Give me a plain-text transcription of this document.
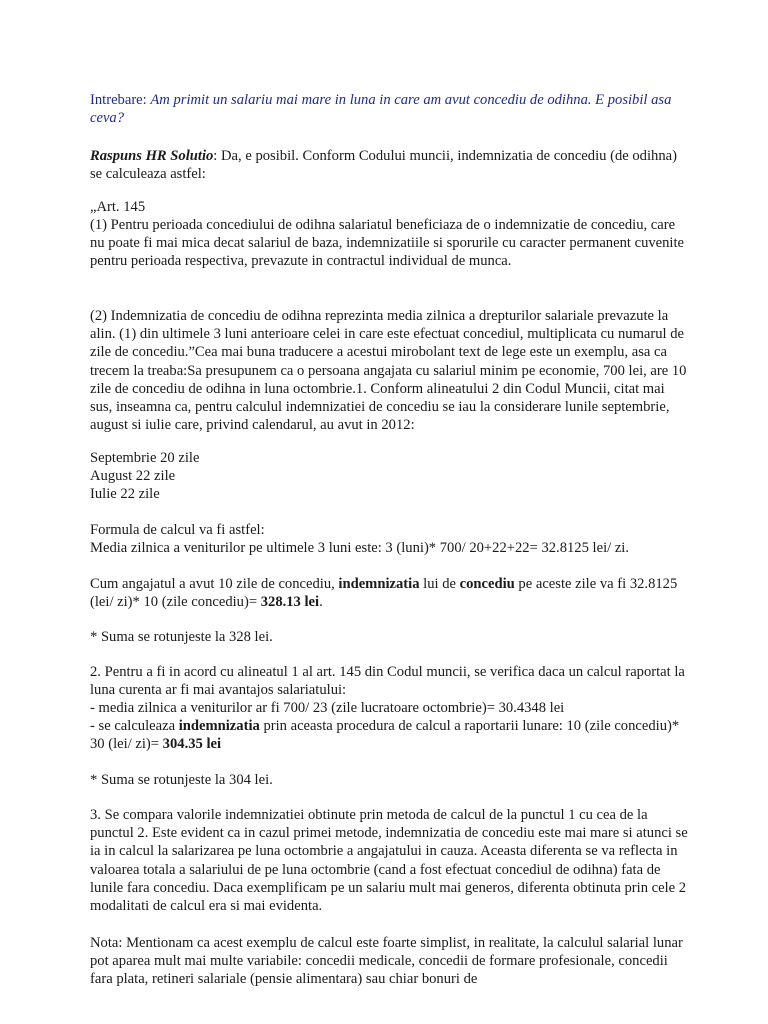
Intrebare: Am primit un salariu mai mare in luna in care am avut concediu de odihna. E posibil asa ceva?

Raspuns HR Solutio: Da, e posibil. Conform Codului muncii, indemnizatia de concediu (de odihna) se calculeaza astfel:

„Art. 145

(1) Pentru perioada concediului de odihna salariatul beneficiaza de o indemnizatie de concediu, care nu poate fi mai mica decat salariul de baza, indemnizatiile si sporurile cu caracter permanent cuvenite pentru perioada respectiva, prevazute in contractul individual de munca.

(2) Indemnizatia de concediu de odihna reprezinta media zilnica a drepturilor salariale prevazute la alin. (1) din ultimele 3 luni anterioare celei in care este efectuat concediul, multiplicata cu numarul de zile de concediu.”Cea mai buna traducere a acestui mirobolant text de lege este un exemplu, asa ca trecem la treaba:Sa presupunem ca o persoana angajata cu salariul minim pe economie, 700 lei, are 10 zile de concediu de odihna in luna octombrie.1. Conform alineatului 2 din Codul Muncii, citat mai sus, inseamna ca, pentru calculul indemnizatiei de concediu se iau la considerare lunile septembrie, august si iulie care, privind calendarul, au avut in 2012:

Septembrie 20 zile

August 22 zile

Iulie 22 zile

Formula de calcul va fi astfel:

Media zilnica a veniturilor pe ultimele 3 luni este: 3 (luni)* 700/ 20+22+22= 32.8125 lei/ zi.

Cum angajatul a avut 10 zile de concediu, indemnizatia lui de concediu pe aceste zile va fi 32.8125 (lei/ zi)* 10 (zile concediu)= 328.13 lei.

* Suma se rotunjeste la 328 lei.

2. Pentru a fi in acord cu alineatul 1 al art. 145 din Codul muncii, se verifica daca un calcul raportat la luna curenta ar fi mai avantajos salariatului:

- media zilnica a veniturilor ar fi 700/ 23 (zile lucratoare octombrie)= 30.4348 lei

- se calculeaza indemnizatia prin aceasta procedura de calcul a raportarii lunare: 10 (zile concediu)* 30 (lei/ zi)= 304.35 lei

* Suma se rotunjeste la 304 lei.

3. Se compara valorile indemnizatiei obtinute prin metoda de calcul de la punctul 1 cu cea de la punctul 2. Este evident ca in cazul primei metode, indemnizatia de concediu este mai mare si atunci se ia in calcul la salarizarea pe luna octombrie a angajatului in cauza. Aceasta diferenta se va reflecta in valoarea totala a salariului de pe luna octombrie (cand a fost efectuat concediul de odihna) fata de lunile fara concediu. Daca exemplificam pe un salariu mult mai generos, diferenta obtinuta prin cele 2 modalitati de calcul era si mai evidenta.

Nota: Mentionam ca acest exemplu de calcul este foarte simplist, in realitate, la calculul salarial lunar pot aparea mult mai multe variabile: concedii medicale, concedii de formare profesionale, concedii fara plata, retineri salariale (pensie alimentara) sau chiar bonuri de
